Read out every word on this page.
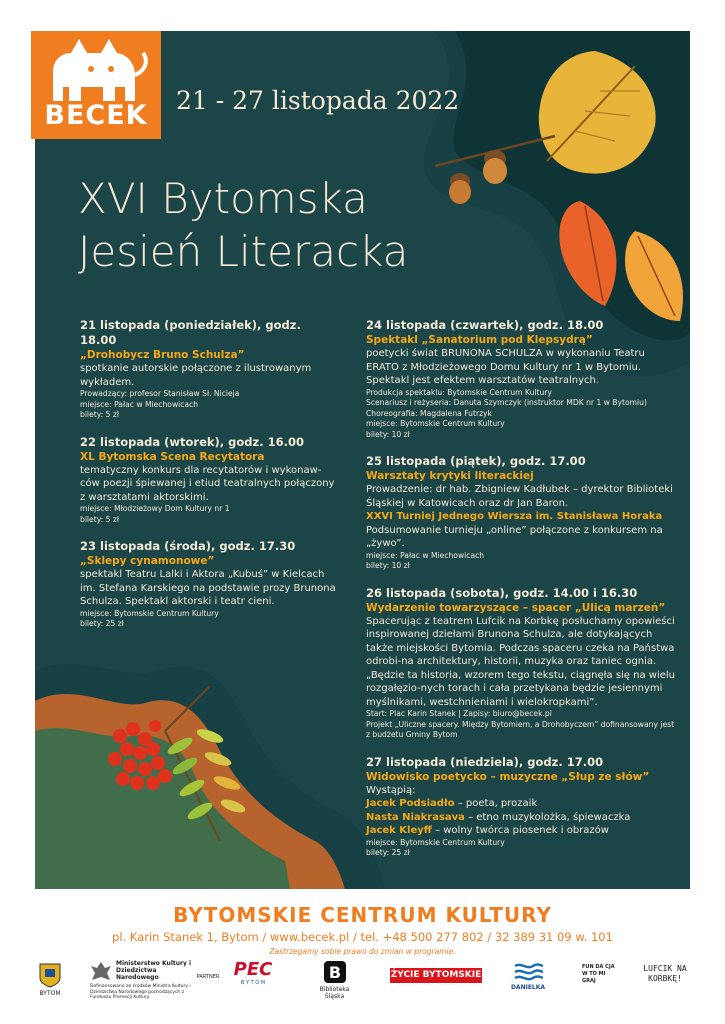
BECEK	21 - 27 listopada 2022
XVI Bytomska
Jesień Literacka
21 listopada (poniedziałek), godz. 18.00
„Drohobycz Bruno Schulza”
spotkanie autorskie połączone z ilustrowanym wykładem.
Prowadzący: profesor Stanisław Sł. Nicieja
miejsce: Pałac w Miechowicach
bilety: 5 zł
22 listopada (wtorek), godz. 16.00
XL Bytomska Scena Recytatora
tematyczny konkurs dla recytatorów i wykonaw-ców poezji śpiewanej i etiud teatralnych połączony z warsztatami aktorskimi.
miejsce: Młodzieżowy Dom Kultury nr 1
bilety: 5 zł
23 listopada (środa), godz. 17.30
„Sklepy cynamonowe”
spektakl Teatru Lalki i Aktora „Kubuś” w Kielcach im. Stefana Karskiego na podstawie prozy Brunona Schulza. Spektakl aktorski i teatr cieni.
miejsce: Bytomskie Centrum Kultury
bilety: 25 zł
24 listopada (czwartek), godz. 18.00
Spektakl „Sanatorium pod Klepsydrą”
poetycki świat BRUNONA SCHULZA w wykonaniu Teatru ERATO z Młodzieżowego Domu Kultury nr 1 w Bytomiu. Spektakl jest efektem warsztatów teatralnych.
Produkcja spektaklu: Bytomskie Centrum Kultury
Scenariusz i reżyseria: Danuta Szymczyk (instruktor MDK nr 1 w Bytomiu)
Choreografia: Magdalena Futrzyk
miejsce: Bytomskie Centrum Kultury
bilety: 10 zł
25 listopada (piątek), godz. 17.00
Warsztaty krytyki literackiej
Prowadzenie: dr hab. Zbigniew Kadłubek – dyrektor Biblioteki Śląskiej w Katowicach oraz dr Jan Baron.
XXVI Turniej Jednego Wiersza im. Stanisława Horaka
Podsumowanie turnieju „online” połączone z konkursem na „żywo”.
miejsce: Pałac w Miechowicach
bilety: 10 zł
26 listopada (sobota), godz. 14.00 i 16.30
Wydarzenie towarzyszące – spacer „Ulicą marzeń”
Spacerując z teatrem Lufcik na Korbkę posłuchamy opowieści inspirowanej dziełami Brunona Schulza, ale dotykających także miejskości Bytomia. Podczas spaceru czeka na Państwa odrobi-na architektury, historii, muzyka oraz taniec ognia. „Będzie ta historia, wzorem tego tekstu, ciągnęła się na wielu rozgałęzio-nych torach i cała przetykana będzie jesiennymi myślnikami, westchnieniami i wielokropkami”.
Start: Plac Karin Stanek | Zapisy: biuro@becek.pl
Projekt „Uliczne spacery. Między Bytomiem, a Drohobyczem” dofinansowany jest z budżetu Gminy Bytom
27 listopada (niedziela), godz. 17.00
Widowisko poetycko – muzyczne „Słup ze słów”
Wystąpią:
Jacek Podsiadło – poeta, prozaik
Nasta Niakrasava – etno muzykolożka, śpiewaczka
Jacek Kleyff – wolny twórca piosenek i obrazów
miejsce: Bytomskie Centrum Kultury
bilety: 25 zł
BYTOMSKIE CENTRUM KULTURY
pl. Karin Stanek 1, Bytom / www.becek.pl / tel. +48 500 277 802 / 32 389 31 09 w. 101
Zastrzegamy sobie prawo do zmian w programie.
BYTOM
Ministerstwo Kultury i Dziedzictwa Narodowego
Dofinansowano ze środków Ministra Kultury i Dziedzictwa Narodowego pochodzących z Funduszu Promocji Kultury
PARTNER PEC
B Y T O M
B
Biblioteka Śląska
ŻYCIE BYTOMSKIE
DANIELKA
FUN DA CJA W TO MI GRAJ
LUFCIK NA KORBKĘ!
